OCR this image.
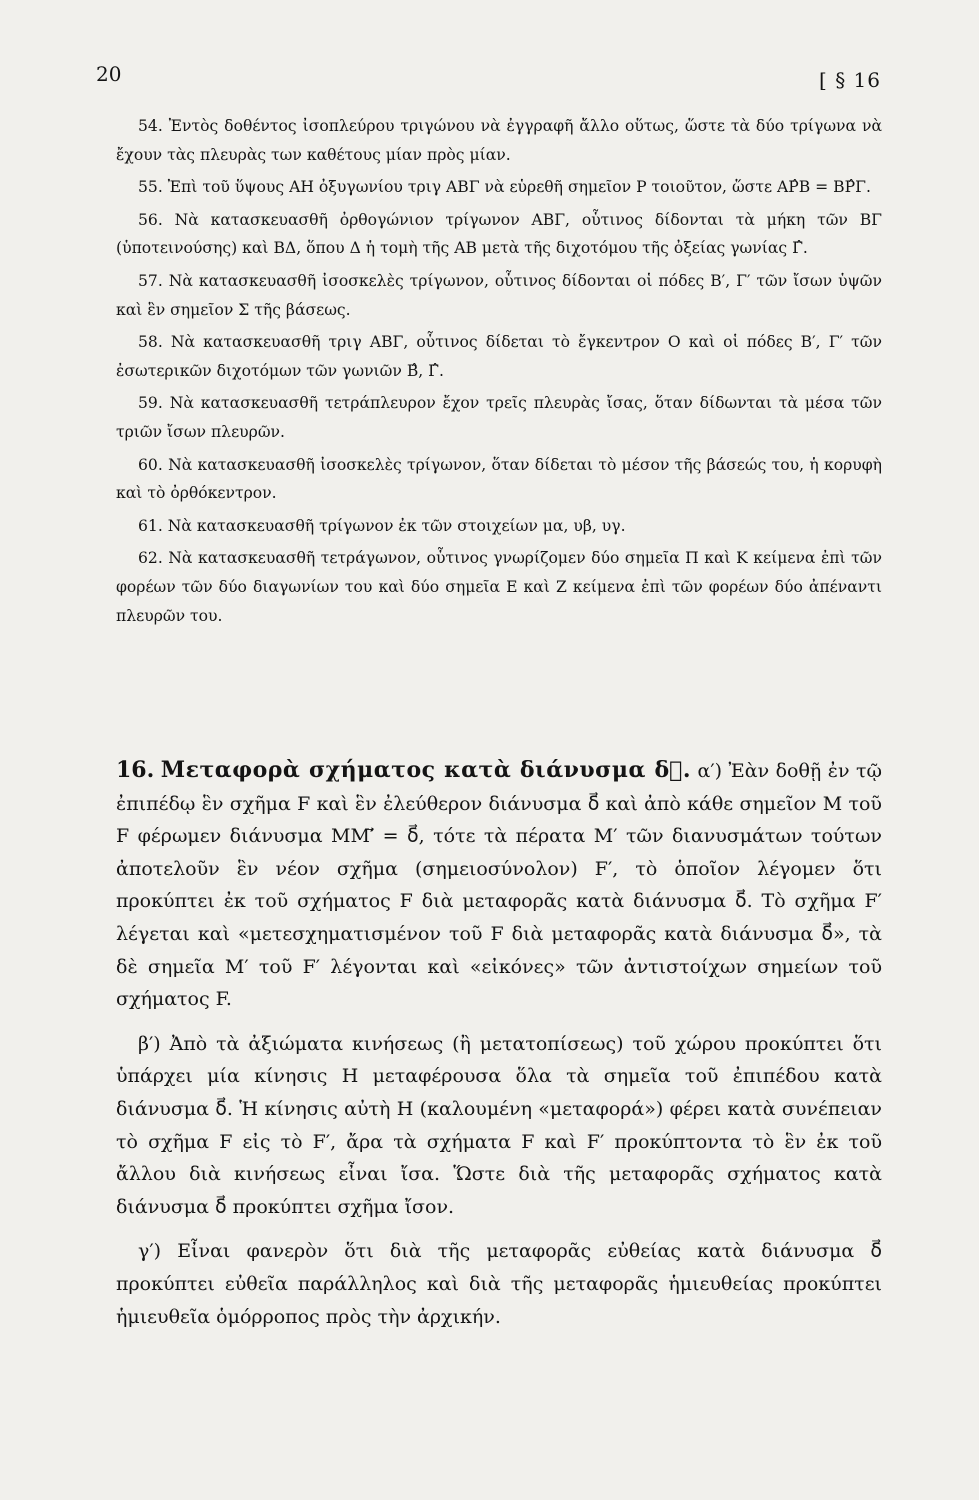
20	[ § 16

54. Ἐντὸς δοθέντος ἰσοπλεύρου τριγώνου νὰ ἐγγραφῆ ἄλλο οὕτως, ὥστε τὰ δύο τρίγωνα νὰ ἔχουν τὰς πλευρὰς των καθέτους μίαν πρὸς μίαν.

55. Ἐπὶ τοῦ ὕψους ΑΗ ὀξυγωνίου τριγ ΑΒΓ νὰ εὑρεθῆ σημεῖον Ρ τοιοῦτον, ὥστε ΑΡ̂Β = ΒΡ̂Γ.

56. Νὰ κατασκευασθῆ ὀρθογώνιον τρίγωνον ΑΒΓ, οὗτινος δίδονται τὰ μήκη τῶν ΒΓ (ὑποτεινούσης) καὶ ΒΔ, ὅπου Δ ἡ τομὴ τῆς ΑΒ μετὰ τῆς διχοτόμου τῆς ὀξείας γωνίας Γ̂.

57. Νὰ κατασκευασθῆ ἰσοσκελὲς τρίγωνον, οὗτινος δίδονται οἱ πόδες Β′, Γ′ τῶν ἴσων ὑψῶν καὶ ἓν σημεῖον Σ τῆς βάσεως.

58. Νὰ κατασκευασθῆ τριγ ΑΒΓ, οὗτινος δίδεται τὸ ἔγκεντρον Ο καὶ οἱ πόδες Β′, Γ′ τῶν ἐσωτερικῶν διχοτόμων τῶν γωνιῶν Β̂, Γ̂.

59. Νὰ κατασκευασθῆ τετράπλευρον ἔχον τρεῖς πλευρὰς ἴσας, ὅταν δίδωνται τὰ μέσα τῶν τριῶν ἴσων πλευρῶν.

60. Νὰ κατασκευασθῆ ἰσοσκελὲς τρίγωνον, ὅταν δίδεται τὸ μέσον τῆς βάσεώς του, ἡ κορυφὴ καὶ τὸ ὀρθόκεντρον.

61. Νὰ κατασκευασθῆ τρίγωνον ἐκ τῶν στοιχείων μα, υβ, υγ.

62. Νὰ κατασκευασθῆ τετράγωνον, οὗτινος γνωρίζομεν δύο σημεῖα Π καὶ Κ κείμενα ἐπὶ τῶν φορέων τῶν δύο διαγωνίων του καὶ δύο σημεῖα Ε καὶ Ζ κείμενα ἐπὶ τῶν φορέων δύο ἀπέναντι πλευρῶν του.

16. Μεταφορὰ σχήματος κατὰ διάνυσμα δ⃗. α′) Ἐὰν δοθῇ ἐν τῷ ἐπιπέδῳ ἓν σχῆμα F καὶ ἓν ἐλεύθερον διάνυσμα δ⃗ καὶ ἀπὸ κάθε σημεῖον Μ τοῦ F φέρωμεν διάνυσμα ΜΜ′⃗ = δ⃗, τότε τὰ πέρατα Μ′ τῶν διανυσμάτων τούτων ἀποτελοῦν ἓν νέον σχῆμα (σημειοσύνολον) F′, τὸ ὁποῖον λέγομεν ὅτι προκύπτει ἐκ τοῦ σχήματος F διὰ μεταφορᾶς κατὰ διάνυσμα δ⃗. Τὸ σχῆμα F′ λέγεται καὶ «μετεσχηματισμένον τοῦ F διὰ μεταφορᾶς κατὰ διάνυσμα δ⃗», τὰ δὲ σημεῖα Μ′ τοῦ F′ λέγονται καὶ «εἰκόνες» τῶν ἀντιστοίχων σημείων τοῦ σχήματος F.

β′) Ἀπὸ τὰ ἀξιώματα κινήσεως (ἢ μετατοπίσεως) τοῦ χώρου προκύπτει ὅτι ὑπάρχει μία κίνησις Η μεταφέρουσα ὅλα τὰ σημεῖα τοῦ ἐπιπέδου κατὰ διάνυσμα δ⃗. Ἡ κίνησις αὐτὴ Η (καλουμένη «μεταφορά») φέρει κατὰ συνέπειαν τὸ σχῆμα F εἰς τὸ F′, ἄρα τὰ σχήματα F καὶ F′ προκύπτοντα τὸ ἓν ἐκ τοῦ ἄλλου διὰ κινήσεως εἶναι ἴσα. Ὥστε διὰ τῆς μεταφορᾶς σχήματος κατὰ διάνυσμα δ⃗ προκύπτει σχῆμα ἴσον.

γ′) Εἶναι φανερὸν ὅτι διὰ τῆς μεταφορᾶς εὐθείας κατὰ διάνυσμα δ⃗ προκύπτει εὐθεῖα παράλληλος καὶ διὰ τῆς μεταφορᾶς ἡμιευθείας προκύπτει ἡμιευθεῖα ὁμόρροπος πρὸς τὴν ἀρχικήν.
